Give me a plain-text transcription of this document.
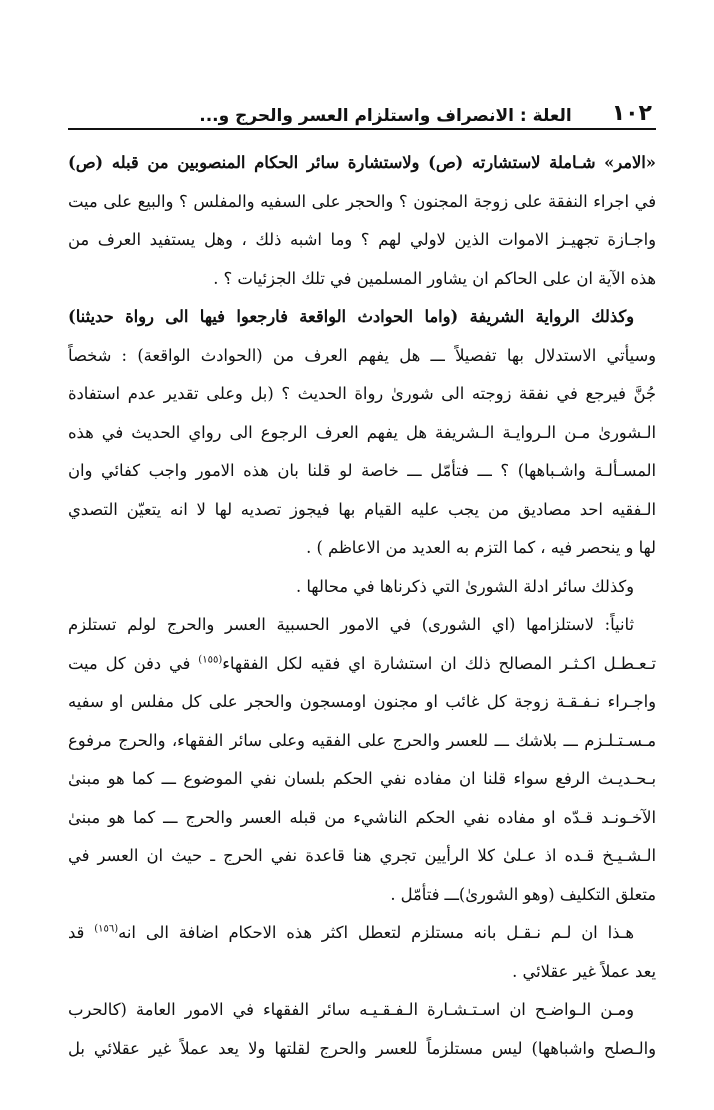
١٠٢
العلة : الانصراف واستلزام العسر والحرج و...
«الامر» شـاملة لاستشارته (ص) ولاستشارة سائر الحكام المنصوبين من قبله (ص)
في اجراء النفقة على زوجة المجنون ؟ والحجر على السفيه والمفلس ؟ والبيع على ميت
واجـازة تجهيـز الاموات الذين لاولي لهم ؟ وما اشبه ذلك ، وهل يستفيد العرف من
هذه الآية ان على الحاكم ان يشاور المسلمين في تلك الجزئيات ؟ .
وكذلك الرواية الشريفة (واما الحوادث الواقعة فارجعوا فيها الى رواة حديثنا)
وسيأتي الاستدلال بها تفصيلاً ـــ هل يفهم العرف من (الحوادث الواقعة) : شخصاً
جُنَّ فيرجع في نفقة زوجته الى شورىٰ رواة الحديث ؟ (بل وعلى تقدير عدم استفادة
الـشورىٰ مـن الـروايـة الـشريفة هل يفهم العرف الرجوع الى رواي الحديث في هذه
المسـألـة واشـباهها) ؟ ـــ فتأمّل ـــ خاصة لو قلنا بان هذه الامور واجب كفائي وان
الـفقيه احد مصاديق من يجب عليه القيام بها فيجوز تصديه لها لا انه يتعيّن التصدي
لها و ينحصر فيه ، كما التزم به العديد من الاعاظم ) .
وكذلك سائر ادلة الشورىٰ التي ذكرناها في محالها .
ثانياً: لاستلزامها (اي الشورى) في الامور الحسبية العسر والحرج لولم تستلزم
تـعـطـل اكـثـر المصالح ذلك ان استشارة اي فقيه لكل الفقهاء$^{(١٥٥)}$ في دفن كل ميت
واجـراء نـفـقـة زوجة كل غائب او مجنون اومسجون والحجر على كل مفلس او سفيه
مـسـتـلـزم ـــ بلاشك ـــ للعسر والحرج على الفقيه وعلى سائر الفقهاء، والحرج مرفوع
بـحـديـث الرفع سواء قلنا ان مفاده نفي الحكم بلسان نفي الموضوع ـــ كما هو مبنىٰ
الآخـونـد قـدّه او مفاده نفي الحكم الناشيء من قبله العسر والحرج ـــ كما هو مبنىٰ
الـشـيـخ قـده اذ عـلىٰ كلا الرأيين تجري هنا قاعدة نفي الحرج ـ حيث ان العسر في
متعلق التكليف (وهو الشورىٰ)ـــ فتأمّل .
هـذا ان لـم نـقـل بانه مستلزم لتعطل اكثر هذه الاحكام اضافة الى انه$^{(١٥٦)}$ قد
يعد عملاً غير عقلائي .
ومـن الـواضـح ان اسـتـشـارة الـفـقـيـه سائر الفقهاء في الامور العامة (كالحرب
والـصلح واشباهها) ليس مستلزماً للعسر والحرج لقلتها ولا يعد عملاً غير عقلائي بل
